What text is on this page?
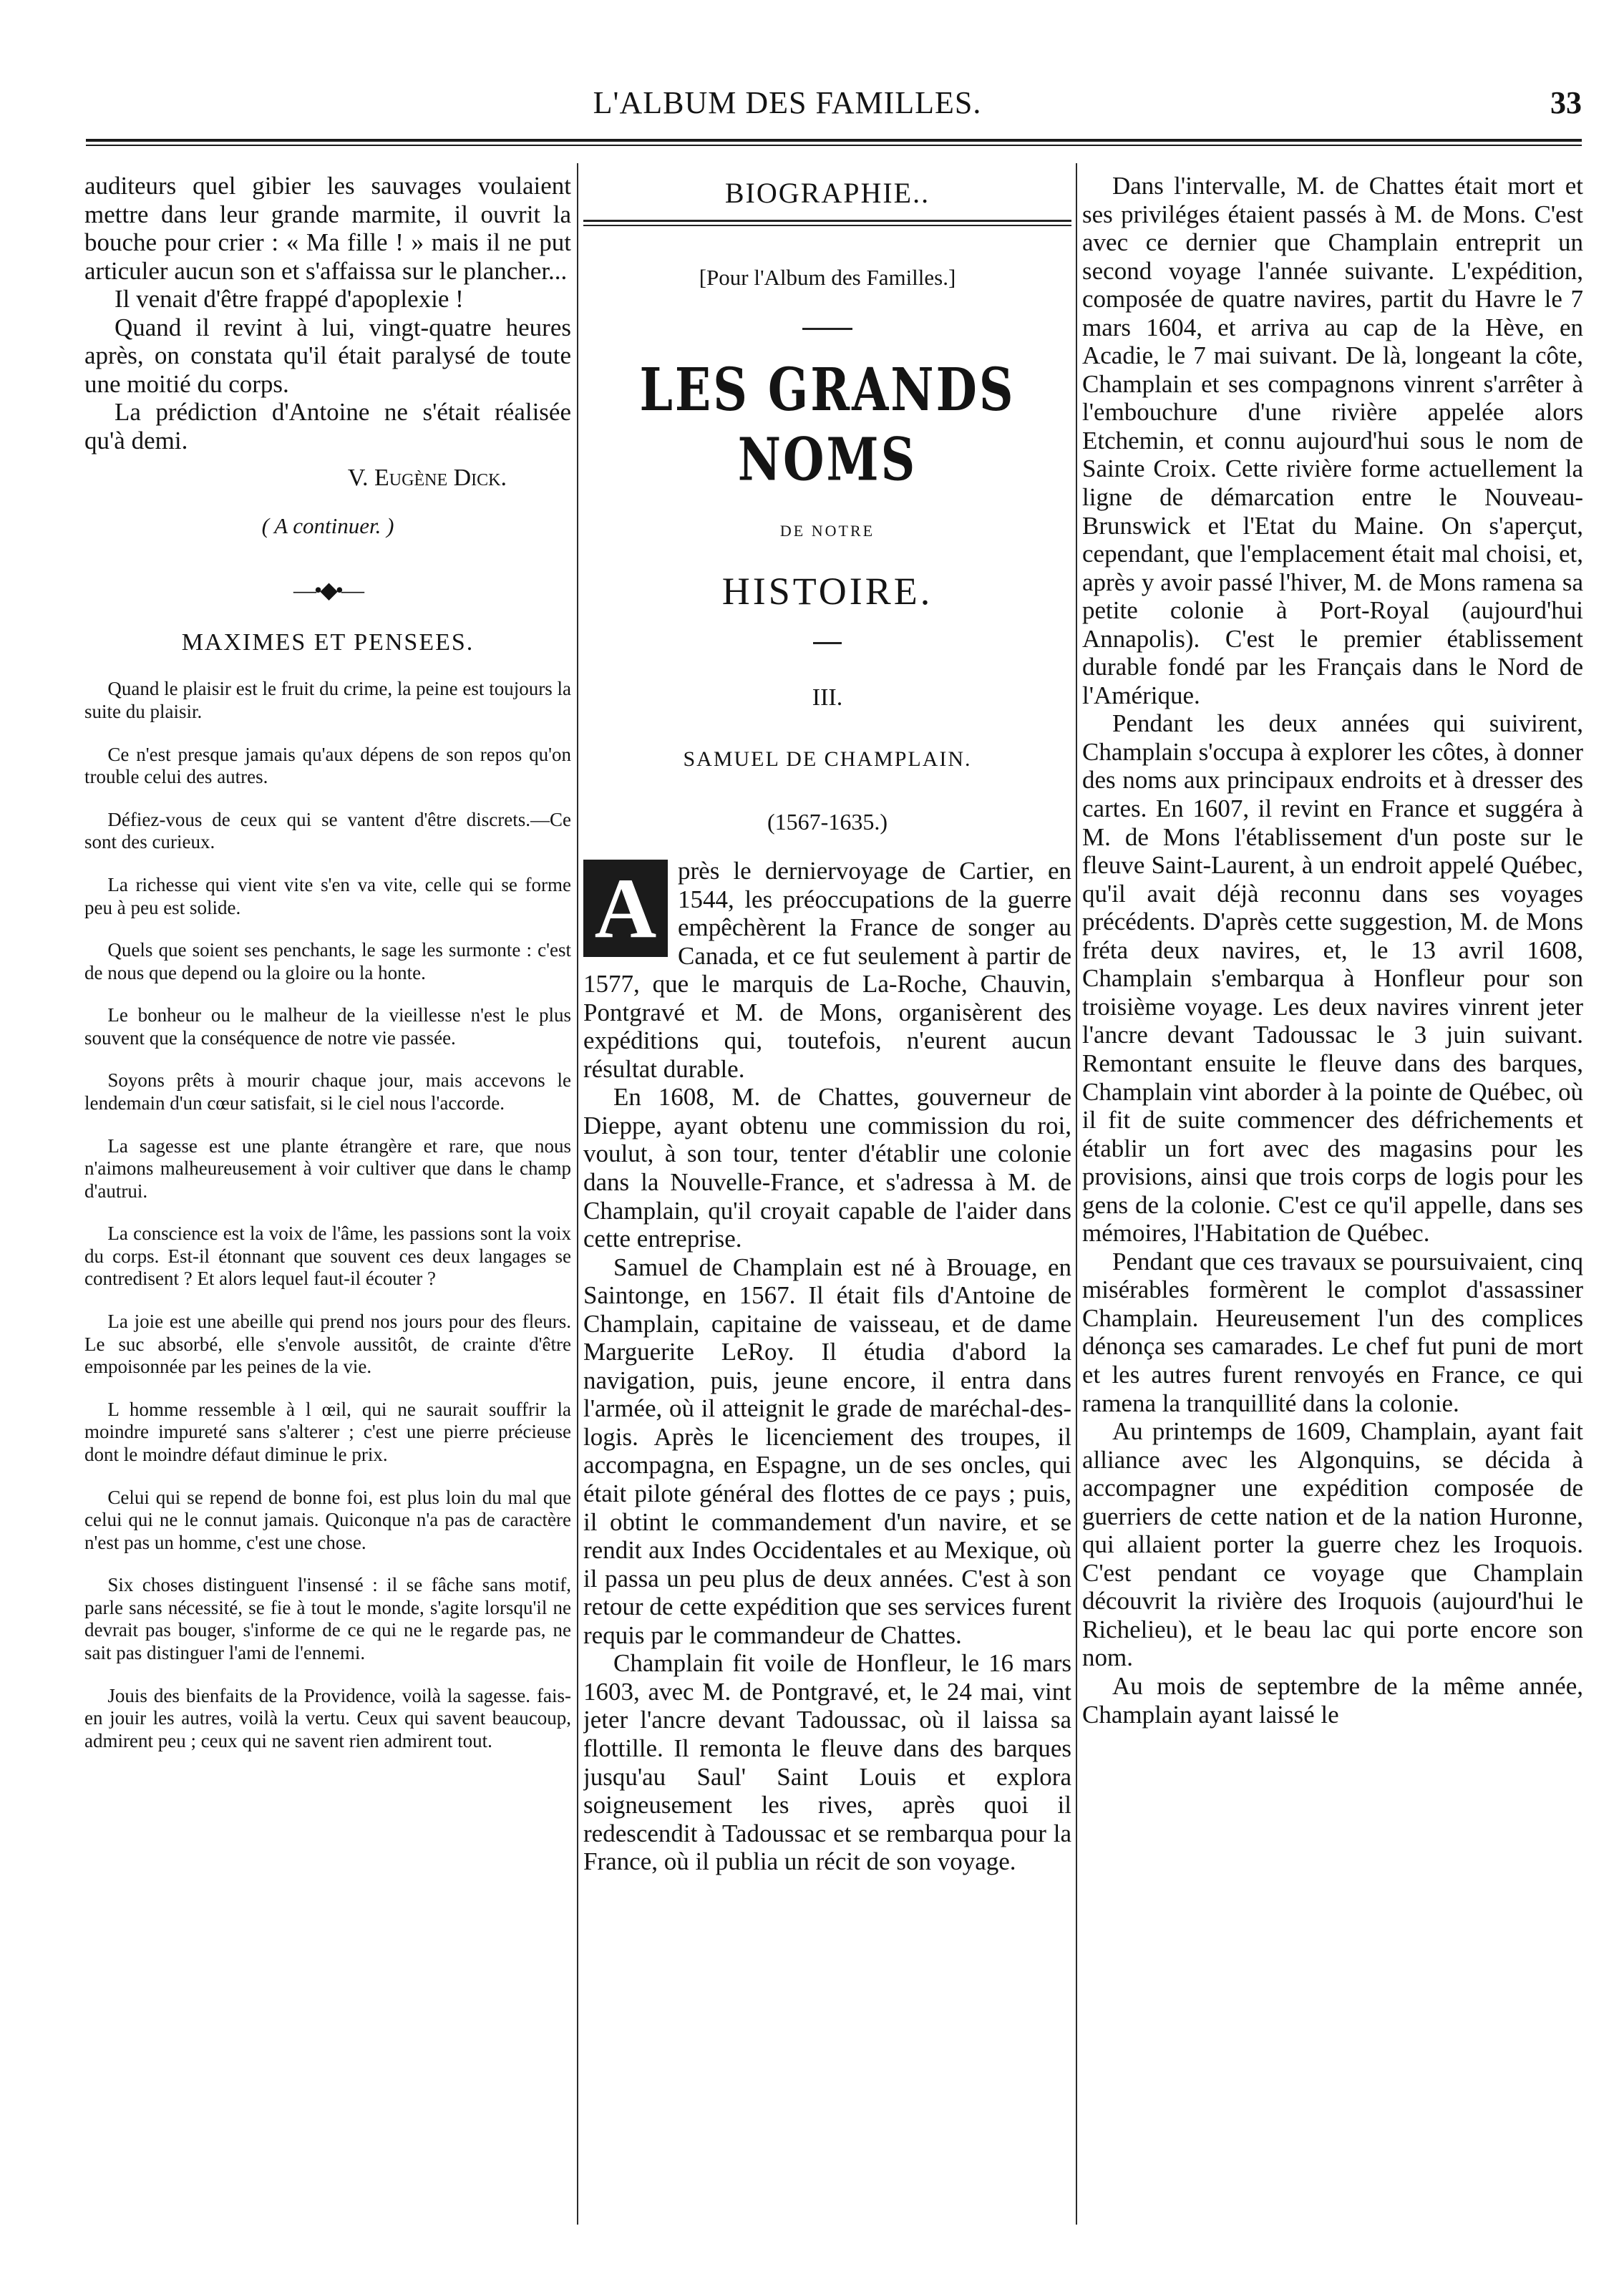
L'ALBUM DES FAMILLES.	33

auditeurs quel gibier les sauvages voulaient mettre dans leur grande marmite, il ouvrit la bouche pour crier : « Ma fille ! » mais il ne put articuler aucun son et s'affaissa sur le plancher...

Il venait d'être frappé d'apoplexie !

Quand il revint à lui, vingt-quatre heures après, on constata qu'il était paralysé de toute une moitié du corps.

La prédiction d'Antoine ne s'était réalisée qu'à demi.

V. Eugène Dick.

( A continuer. )

—•◆•—
MAXIMES ET PENSEES.

Quand le plaisir est le fruit du crime, la peine est toujours la suite du plaisir.

Ce n'est presque jamais qu'aux dépens de son repos qu'on trouble celui des autres.

Défiez-vous de ceux qui se vantent d'être discrets.—Ce sont des curieux.

La richesse qui vient vite s'en va vite, celle qui se forme peu à peu est solide.

Quels que soient ses penchants, le sage les surmonte : c'est de nous que depend ou la gloire ou la honte.

Le bonheur ou le malheur de la vieillesse n'est le plus souvent que la conséquence de notre vie passée.

Soyons prêts à mourir chaque jour, mais accevons le lendemain d'un cœur satisfait, si le ciel nous l'accorde.

La sagesse est une plante étrangère et rare, que nous n'aimons malheureusement à voir cultiver que dans le champ d'autrui.

La conscience est la voix de l'âme, les passions sont la voix du corps. Est-il étonnant que souvent ces deux langages se contredisent ? Et alors lequel faut-il écouter ?

La joie est une abeille qui prend nos jours pour des fleurs. Le suc absorbé, elle s'envole aussitôt, de crainte d'être empoisonnée par les peines de la vie.

L homme ressemble à l œil, qui ne saurait souffrir la moindre impureté sans s'alterer ; c'est une pierre précieuse dont le moindre défaut diminue le prix.

Celui qui se repend de bonne foi, est plus loin du mal que celui qui ne le connut jamais. Quiconque n'a pas de caractère n'est pas un homme, c'est une chose.

Six choses distinguent l'insensé : il se fâche sans motif, parle sans nécessité, se fie à tout le monde, s'agite lorsqu'il ne devrait pas bouger, s'informe de ce qui ne le regarde pas, ne sait pas distinguer l'ami de l'ennemi.

Jouis des bienfaits de la Providence, voilà la sagesse. fais-en jouir les autres, voilà la vertu. Ceux qui savent beaucoup, admirent peu ; ceux qui ne savent rien admirent tout.

BIOGRAPHIE..
[Pour l'Album des Familles.]
LES GRANDS NOMS
DE NOTRE
HISTOIRE.
III.
SAMUEL DE CHAMPLAIN.
(1567-1635.)

A près le derniervoyage de Cartier, en 1544, les préoccupations de la guerre empêchèrent la France de songer au Canada, et ce fut seulement à partir de 1577, que le marquis de La-Roche, Chauvin, Pontgravé et M. de Mons, organisèrent des expéditions qui, toutefois, n'eurent aucun résultat durable.

En 1608, M. de Chattes, gouverneur de Dieppe, ayant obtenu une commission du roi, voulut, à son tour, tenter d'établir une colonie dans la Nouvelle-France, et s'adressa à M. de Champlain, qu'il croyait capable de l'aider dans cette entreprise.

Samuel de Champlain est né à Brouage, en Saintonge, en 1567. Il était fils d'Antoine de Champlain, capitaine de vaisseau, et de dame Marguerite LeRoy. Il étudia d'abord la navigation, puis, jeune encore, il entra dans l'armée, où il atteignit le grade de maréchal-des-logis. Après le licenciement des troupes, il accompagna, en Espagne, un de ses oncles, qui était pilote général des flottes de ce pays ; puis, il obtint le commandement d'un navire, et se rendit aux Indes Occidentales et au Mexique, où il passa un peu plus de deux années. C'est à son retour de cette expédition que ses services furent requis par le commandeur de Chattes.

Champlain fit voile de Honfleur, le 16 mars 1603, avec M. de Pontgravé, et, le 24 mai, vint jeter l'ancre devant Tadoussac, où il laissa sa flottille. Il remonta le fleuve dans des barques jusqu'au Saul' Saint Louis et explora soigneusement les rives, après quoi il redescendit à Tadoussac et se rembarqua pour la France, où il publia un récit de son voyage.

Dans l'intervalle, M. de Chattes était mort et ses priviléges étaient passés à M. de Mons. C'est avec ce dernier que Champlain entreprit un second voyage l'année suivante. L'expédition, composée de quatre navires, partit du Havre le 7 mars 1604, et arriva au cap de la Hève, en Acadie, le 7 mai suivant. De là, longeant la côte, Champlain et ses compagnons vinrent s'arrêter à l'embouchure d'une rivière appelée alors Etchemin, et connu aujourd'hui sous le nom de Sainte Croix. Cette rivière forme actuellement la ligne de démarcation entre le Nouveau-Brunswick et l'Etat du Maine. On s'aperçut, cependant, que l'emplacement était mal choisi, et, après y avoir passé l'hiver, M. de Mons ramena sa petite colonie à Port-Royal (aujourd'hui Annapolis). C'est le premier établissement durable fondé par les Français dans le Nord de l'Amérique.

Pendant les deux années qui suivirent, Champlain s'occupa à explorer les côtes, à donner des noms aux principaux endroits et à dresser des cartes. En 1607, il revint en France et suggéra à M. de Mons l'établissement d'un poste sur le fleuve Saint-Laurent, à un endroit appelé Québec, qu'il avait déjà reconnu dans ses voyages précédents. D'après cette suggestion, M. de Mons fréta deux navires, et, le 13 avril 1608, Champlain s'embarqua à Honfleur pour son troisième voyage. Les deux navires vinrent jeter l'ancre devant Tadoussac le 3 juin suivant. Remontant ensuite le fleuve dans des barques, Champlain vint aborder à la pointe de Québec, où il fit de suite commencer des défrichements et établir un fort avec des magasins pour les provisions, ainsi que trois corps de logis pour les gens de la colonie. C'est ce qu'il appelle, dans ses mémoires, l'Habitation de Québec.

Pendant que ces travaux se poursuivaient, cinq misérables formèrent le complot d'assassiner Champlain. Heureusement l'un des complices dénonça ses camarades. Le chef fut puni de mort et les autres furent renvoyés en France, ce qui ramena la tranquillité dans la colonie.

Au printemps de 1609, Champlain, ayant fait alliance avec les Algonquins, se décida à accompagner une expédition composée de guerriers de cette nation et de la nation Huronne, qui allaient porter la guerre chez les Iroquois. C'est pendant ce voyage que Champlain découvrit la rivière des Iroquois (aujourd'hui le Richelieu), et le beau lac qui porte encore son nom.

Au mois de septembre de la même année, Champlain ayant laissé le
